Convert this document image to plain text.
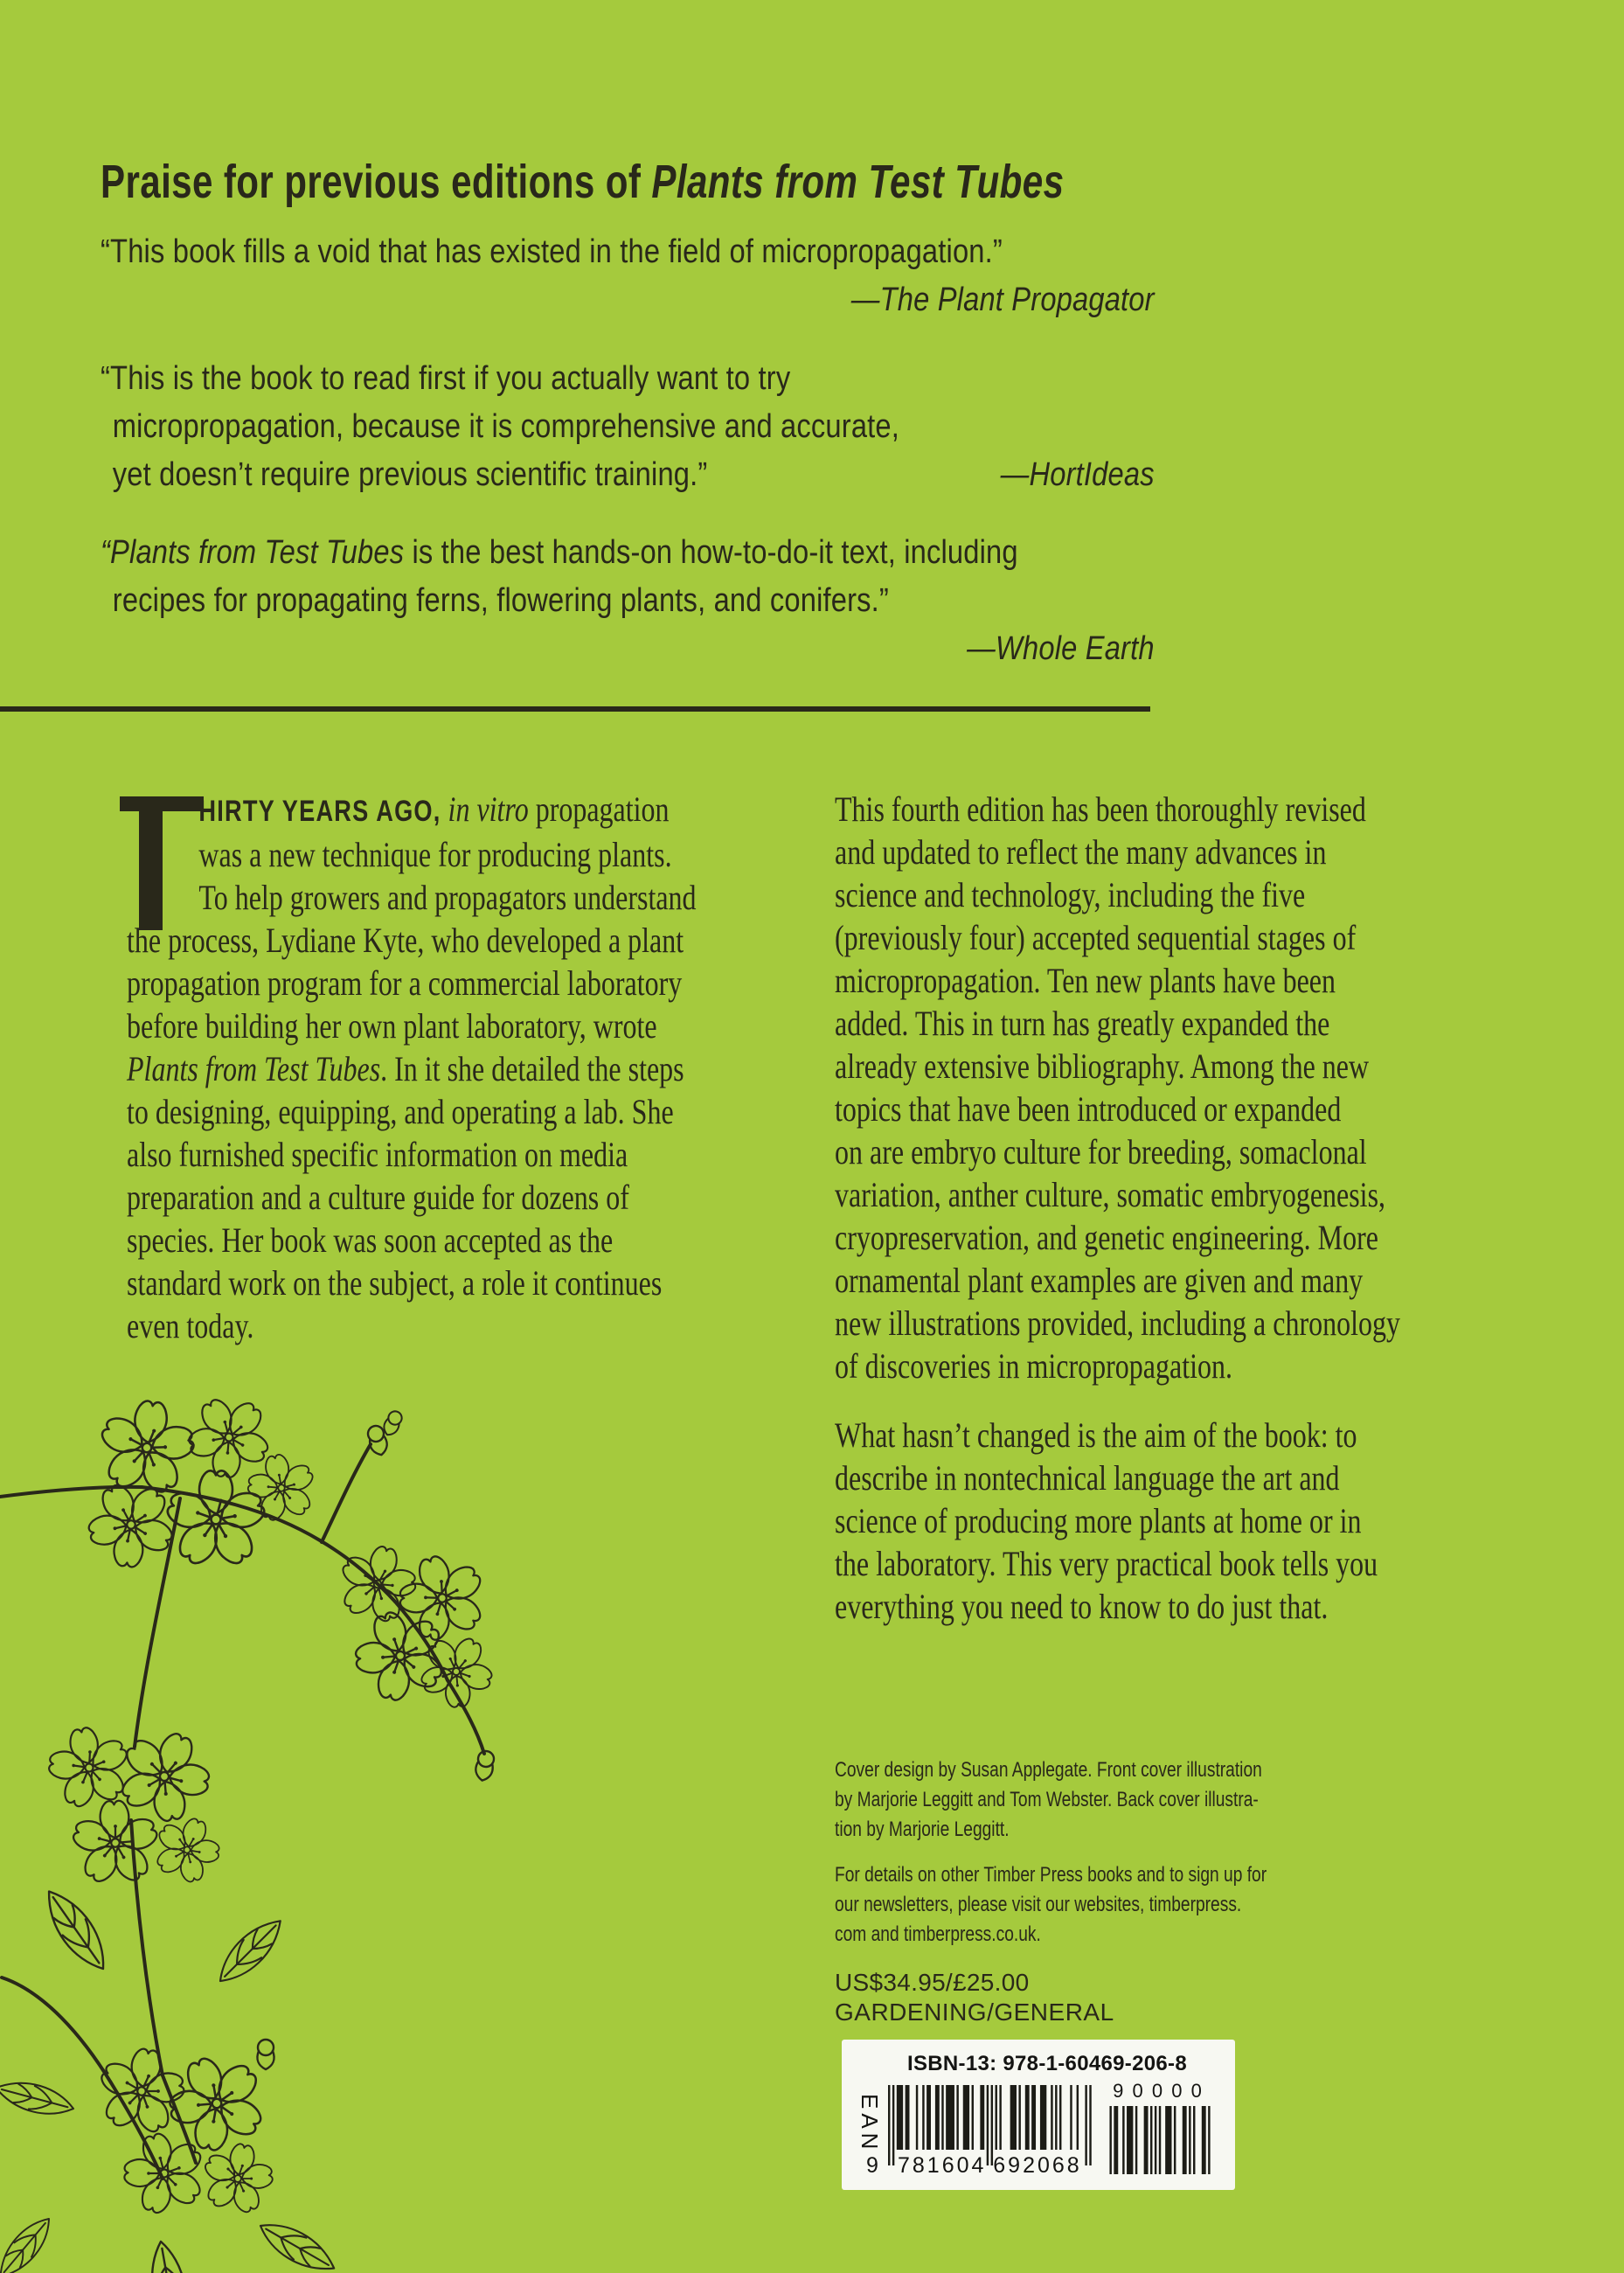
Praise for previous editions of Plants from Test Tubes
“This book fills a void that has existed in the field of micropropagation.”
—The Plant Propagator
“This is the book to read first if you actually want to try
micropropagation, because it is comprehensive and accurate,
yet doesn’t require previous scientific training.”	—HortIdeas
“Plants from Test Tubes is the best hands-on how-to-do-it text, including
recipes for propagating ferns, flowering plants, and conifers.”
—Whole Earth
HIRTY YEARS AGO, in vitro propagation
was a new technique for producing plants.
To help growers and propagators understand
the process, Lydiane Kyte, who developed a plant
propagation program for a commercial laboratory
before building her own plant laboratory, wrote
Plants from Test Tubes. In it she detailed the steps
to designing, equipping, and operating a lab. She
also furnished specific information on media
preparation and a culture guide for dozens of
species. Her book was soon accepted as the
standard work on the subject, a role it continues
even today.
This fourth edition has been thoroughly revised
and updated to reflect the many advances in
science and technology, including the five
(previously four) accepted sequential stages of
micropropagation. Ten new plants have been
added. This in turn has greatly expanded the
already extensive bibliography. Among the new
topics that have been introduced or expanded
on are embryo culture for breeding, somaclonal
variation, anther culture, somatic embryogenesis,
cryopreservation, and genetic engineering. More
ornamental plant examples are given and many
new illustrations provided, including a chronology
of discoveries in micropropagation.
What hasn’t changed is the aim of the book: to
describe in nontechnical language the art and
science of producing more plants at home or in
the laboratory. This very practical book tells you
everything you need to know to do just that.
Cover design by Susan Applegate. Front cover illustration
by Marjorie Leggitt and Tom Webster. Back cover illustra-
tion by Marjorie Leggitt.
For details on other Timber Press books and to sign up for
our newsletters, please visit our websites, timberpress.
com and timberpress.co.uk.
US$34.95/£25.00
GARDENING/GENERAL
ISBN-13: 978-1-60469-206-8
EAN
9 781604 692068
9 0 0 0 0
